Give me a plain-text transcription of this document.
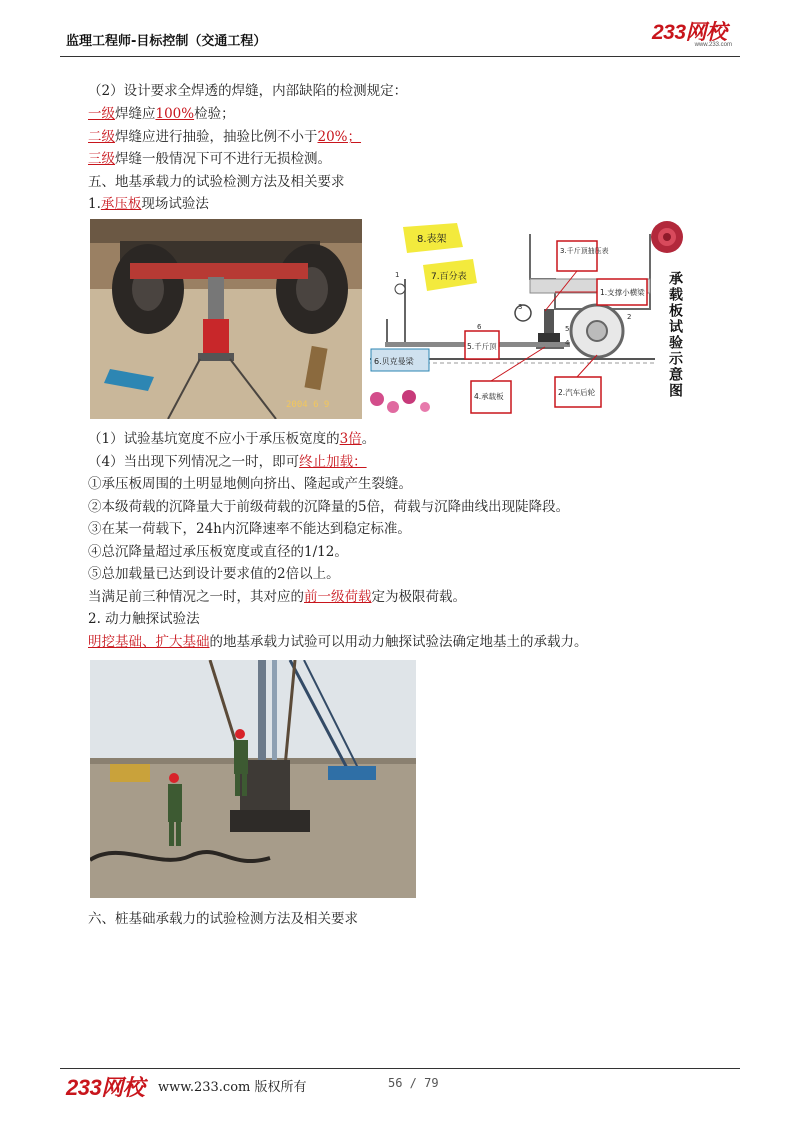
监理工程师-目标控制（交通工程）	233网校
www.233.com
（2）设计要求全焊透的焊缝，内部缺陷的检测规定：
一级焊缝应100%检验；
二级焊缝应进行抽验，抽验比例不小于20%；
三级焊缝一般情况下可不进行无损检测。
五、地基承载力的试验检测方法及相关要求
1.承压板现场试验法
2004 6 9
承载板试验示意图
8.表架
7.百分表
3.千斤顶抽压表
1.支撑小横梁
5.千斤顶
6.贝克曼梁
4.承载板	2.汽车后轮
3
5
4
2
6
1
（1）试验基坑宽度不应小于承压板宽度的3倍。
（4）当出现下列情况之一时，即可终止加载：
①承压板周围的土明显地侧向挤出、隆起或产生裂缝。
②本级荷载的沉降量大于前级荷载的沉降量的5倍，荷载与沉降曲线出现陡降段。
③在某一荷载下，24h内沉降速率不能达到稳定标准。
④总沉降量超过承压板宽度或直径的1/12。
⑤总加载量已达到设计要求值的2倍以上。
当满足前三种情况之一时，其对应的前一级荷载定为极限荷载。
2. 动力触探试验法
明挖基础、扩大基础的地基承载力试验可以用动力触探试验法确定地基土的承载力。
六、桩基础承载力的试验检测方法及相关要求
233网校 www.233.com 版权所有	56 / 79
